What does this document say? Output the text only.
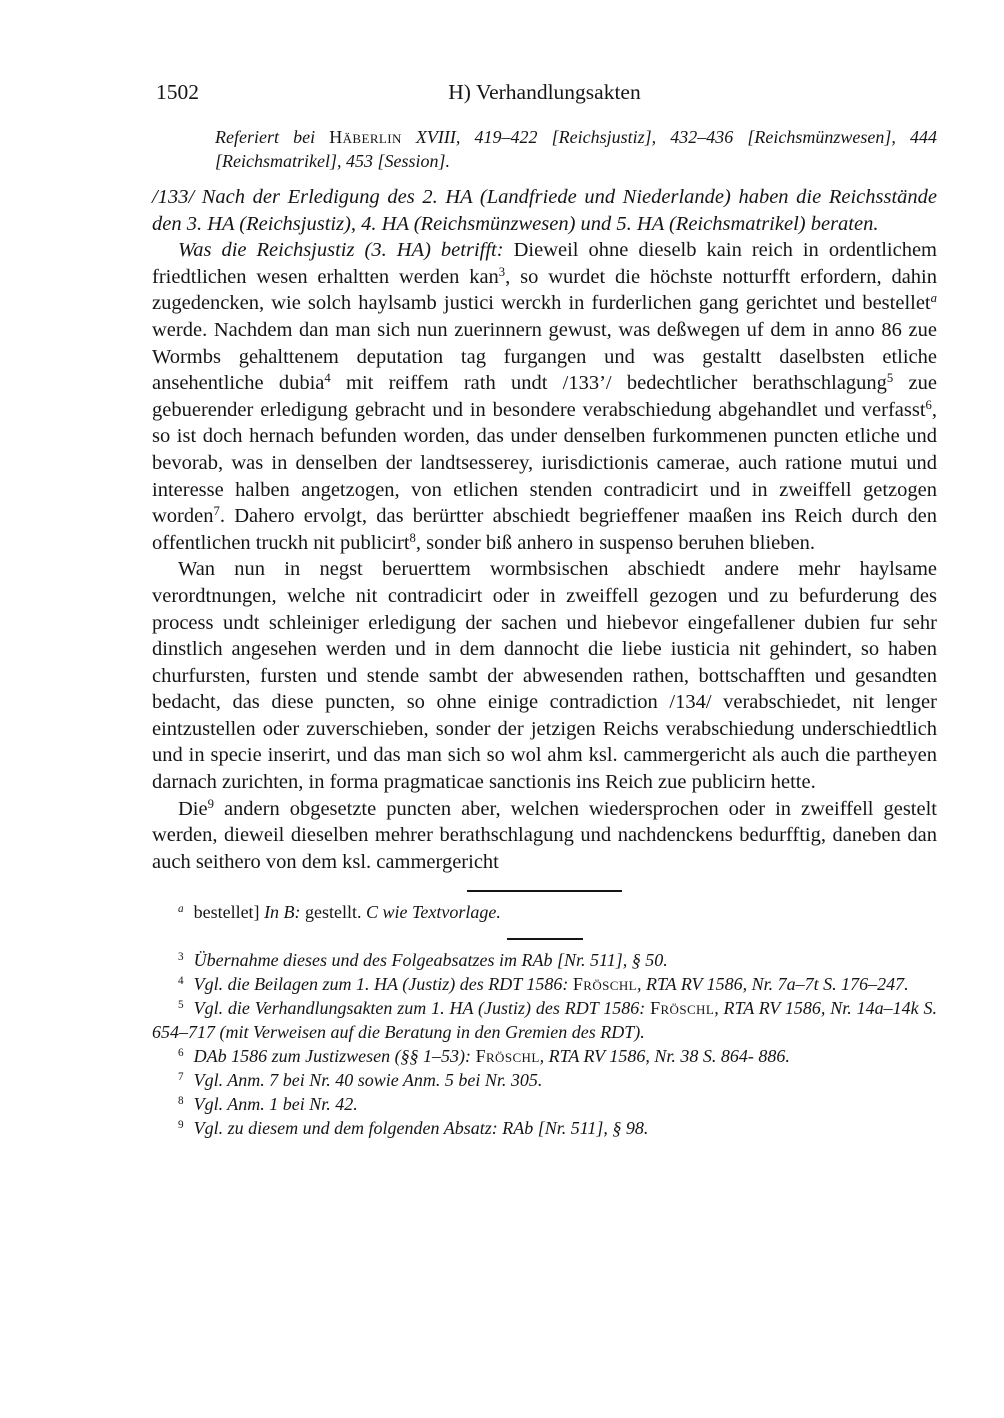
1502	H) Verhandlungsakten

Referiert bei Häberlin XVIII, 419–422 [Reichsjustiz], 432–436 [Reichsmünzwesen], 444 [Reichsmatrikel], 453 [Session].

/133/ Nach der Erledigung des 2. HA (Landfriede und Niederlande) haben die Reichsstände den 3. HA (Reichsjustiz), 4. HA (Reichsmünzwesen) und 5. HA (Reichsmatrikel) beraten.

Was die Reichsjustiz (3. HA) betrifft: Dieweil ohne dieselb kain reich in ordentlichem friedtlichen wesen erhaltten werden kan$^3$, so wurdet die höchste notturfft erfordern, dahin zugedencken, wie solch haylsamb justici werckh in furderlichen gang gerichtet und bestellet$^a$ werde. Nachdem dan man sich nun zuerinnern gewust, was deßwegen uf dem in anno 86 zue Wormbs gehalttenem deputation tag furgangen und was gestaltt daselbsten etliche ansehentliche dubia$^4$ mit reiffem rath undt /133’/ bedechtlicher berathschlagung$^5$ zue gebuerender erledigung gebracht und in besondere verabschiedung abgehandlet und verfasst$^6$, so ist doch hernach befunden worden, das under denselben furkommenen puncten etliche und bevorab, was in denselben der landtsesserey, iurisdictionis camerae, auch ratione mutui und interesse halben angetzogen, von etlichen stenden contradicirt und in zweiffell getzogen worden$^7$. Dahero ervolgt, das berürtter abschiedt begrieffener maaßen ins Reich durch den offentlichen truckh nit publicirt$^8$, sonder biß anhero in suspenso beruhen blieben.

Wan nun in negst beruerttem wormbsischen abschiedt andere mehr haylsame verordtnungen, welche nit contradicirt oder in zweiffell gezogen und zu befurderung des process undt schleiniger erledigung der sachen und hiebevor eingefallener dubien fur sehr dinstlich angesehen werden und in dem dannocht die liebe iusticia nit gehindert, so haben churfursten, fursten und stende sambt der abwesenden rathen, bottschafften und gesandten bedacht, das diese puncten, so ohne einige contradiction /134/ verabschiedet, nit lenger eintzustellen oder zuverschieben, sonder der jetzigen Reichs verabschiedung underschiedtlich und in specie inserirt, und das man sich so wol ahm ksl. cammergericht als auch die partheyen darnach zurichten, in forma pragmaticae sanctionis ins Reich zue publicirn hette.

Die$^9$ andern obgesetzte puncten aber, welchen wiedersprochen oder in zweiffell gestelt werden, dieweil dieselben mehrer berathschlagung und nachdenckens bedurfftig, daneben dan auch seithero von dem ksl. cammergericht

$^a$ bestellet] In B: gestellt. C wie Textvorlage.

$^3$ Übernahme dieses und des Folgeabsatzes im RAb [Nr. 511], § 50.

$^4$ Vgl. die Beilagen zum 1. HA (Justiz) des RDT 1586: Fröschl, RTA RV 1586, Nr. 7a–7t S. 176–247.

$^5$ Vgl. die Verhandlungsakten zum 1. HA (Justiz) des RDT 1586: Fröschl, RTA RV 1586, Nr. 14a–14k S. 654–717 (mit Verweisen auf die Beratung in den Gremien des RDT).

$^6$ DAb 1586 zum Justizwesen (§§ 1–53): Fröschl, RTA RV 1586, Nr. 38 S. 864- 886.

$^7$ Vgl. Anm. 7 bei Nr. 40 sowie Anm. 5 bei Nr. 305.

$^8$ Vgl. Anm. 1 bei Nr. 42.

$^9$ Vgl. zu diesem und dem folgenden Absatz: RAb [Nr. 511], § 98.
